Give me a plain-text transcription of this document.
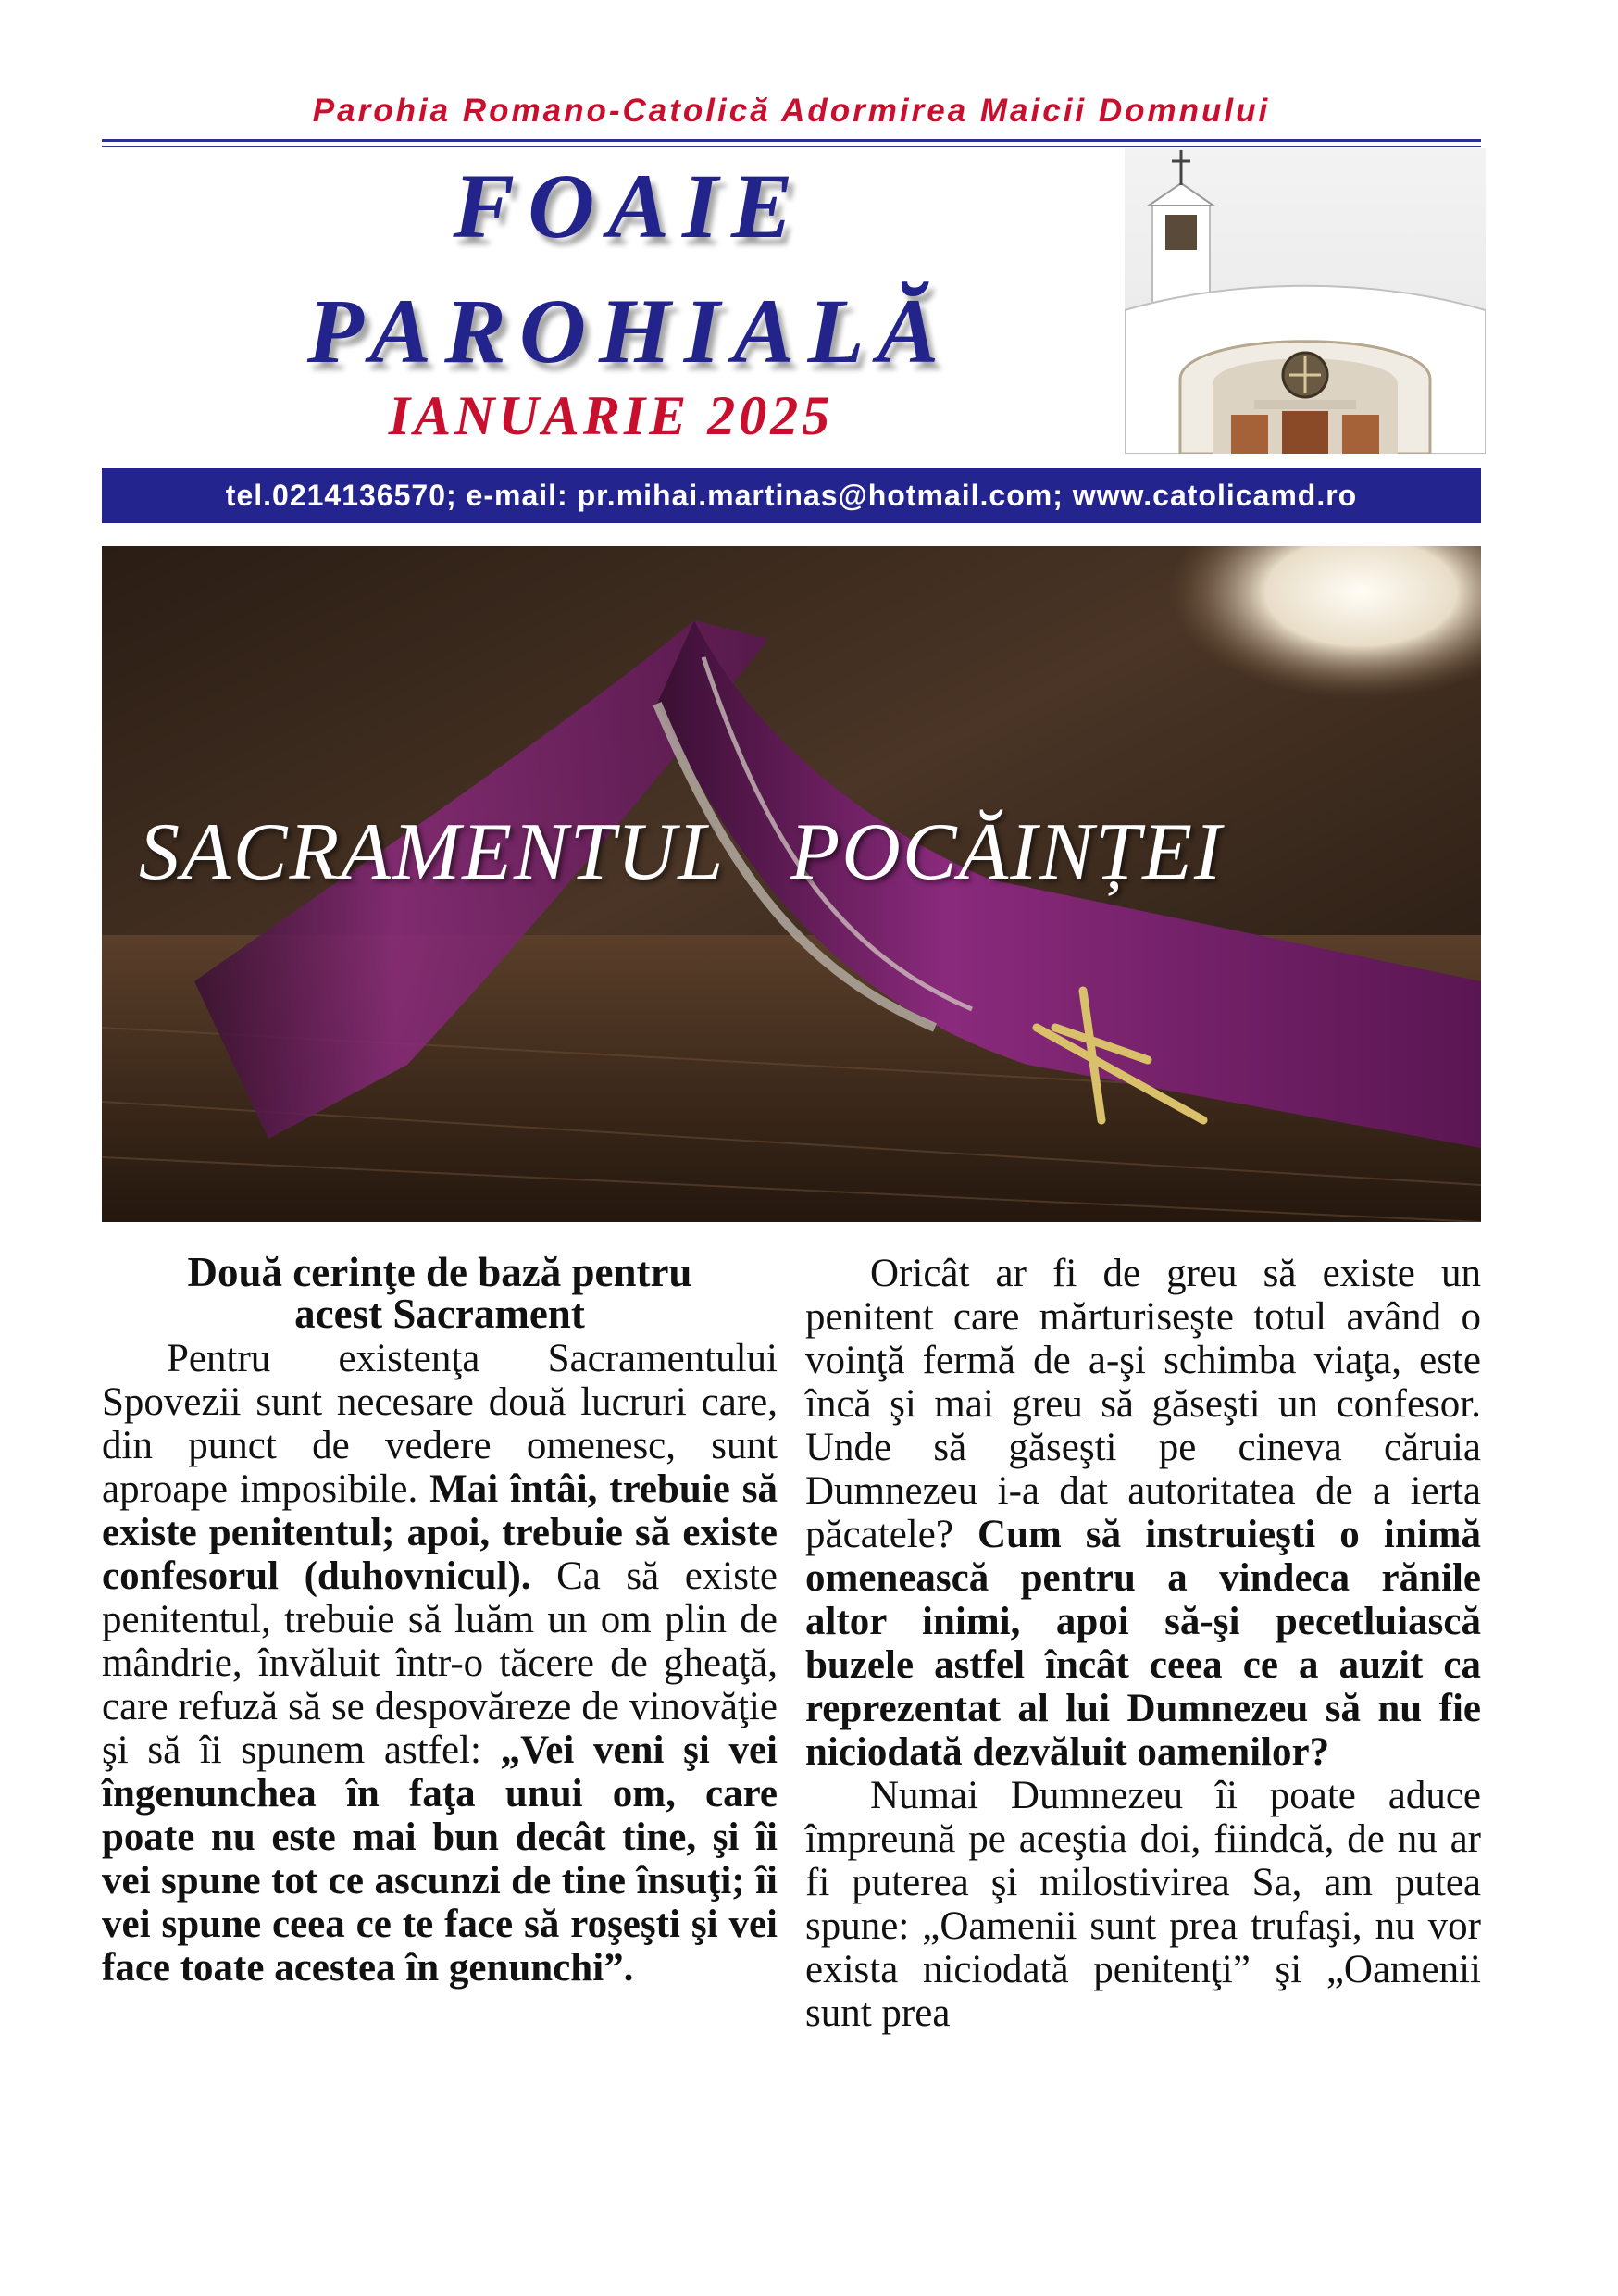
Parohia Romano-Catolică Adormirea Maicii Domnului
FOAIE
PAROHIALĂ
IANUARIE 2025
tel.0214136570; e-mail: pr.mihai.martinas@hotmail.com; www.catolicamd.ro
SACRAMENTUL   POCĂINȚEI

Două cerinţe de bază pentru
acest Sacrament

Pentru existenţa Sacramentului Spovezii sunt necesare două lucruri care, din punct de vedere omenesc, sunt aproape imposibile. Mai întâi, trebuie să existe penitentul; apoi, trebuie să existe confesorul (duhovnicul). Ca să existe penitentul, trebuie să luăm un om plin de mândrie, învăluit într-o tăcere de gheaţă, care refuză să se despovăreze de vinovăţie şi să îi spunem astfel: „Vei veni şi vei îngenunchea în faţa unui om, care poate nu este mai bun decât tine, şi îi vei spune tot ce ascunzi de tine însuţi; îi vei spune ceea ce te face să roşeşti şi vei face toate acestea în genunchi”.

Oricât ar fi de greu să existe un penitent care mărturiseşte totul având o voinţă fermă de a-şi schimba viaţa, este încă şi mai greu să găseşti un confesor. Unde să găseşti pe cineva căruia Dumnezeu i-a dat autoritatea de a ierta păcatele? Cum să instruieşti o inimă omenească pentru a vindeca rănile altor inimi, apoi să-şi pecetluiască buzele astfel încât ceea ce a auzit ca reprezentat al lui Dumnezeu să nu fie niciodată dezvăluit oamenilor?

Numai Dumnezeu îi poate aduce împreună pe aceştia doi, fiindcă, de nu ar fi puterea şi milostivirea Sa, am putea spune: „Oamenii sunt prea trufaşi, nu vor exista niciodată penitenţi” şi „Oamenii sunt prea
